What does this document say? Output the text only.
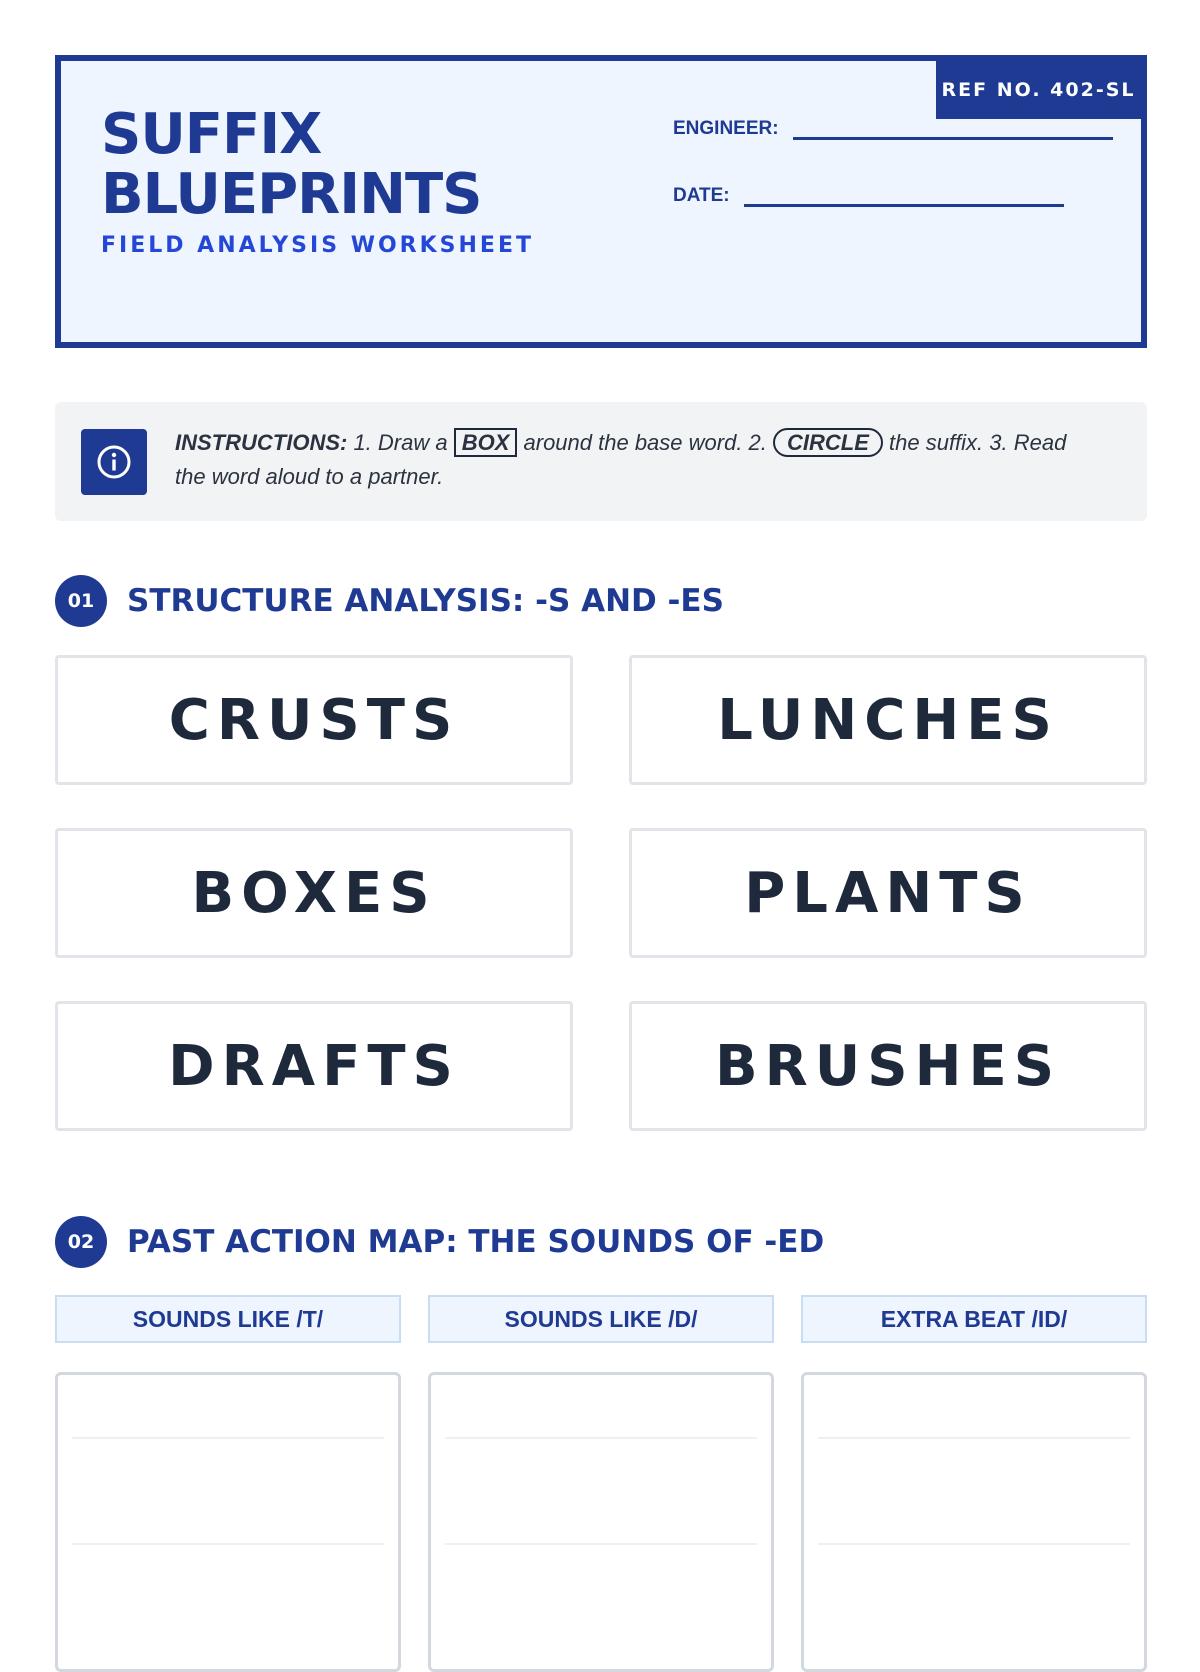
REF NO. 402-SL
SUFFIX
BLUEPRINTS
FIELD ANALYSIS WORKSHEET
ENGINEER:
DATE:
INSTRUCTIONS: 1. Draw a BOX around the base word. 2. CIRCLE the suffix. 3. Read the word aloud to a partner.
01	STRUCTURE ANALYSIS: -S AND -ES
CRUSTS	LUNCHES
BOXES	PLANTS
DRAFTS	BRUSHES
02	PAST ACTION MAP: THE SOUNDS OF -ED
SOUNDS LIKE /T/	SOUNDS LIKE /D/	EXTRA BEAT /ID/
